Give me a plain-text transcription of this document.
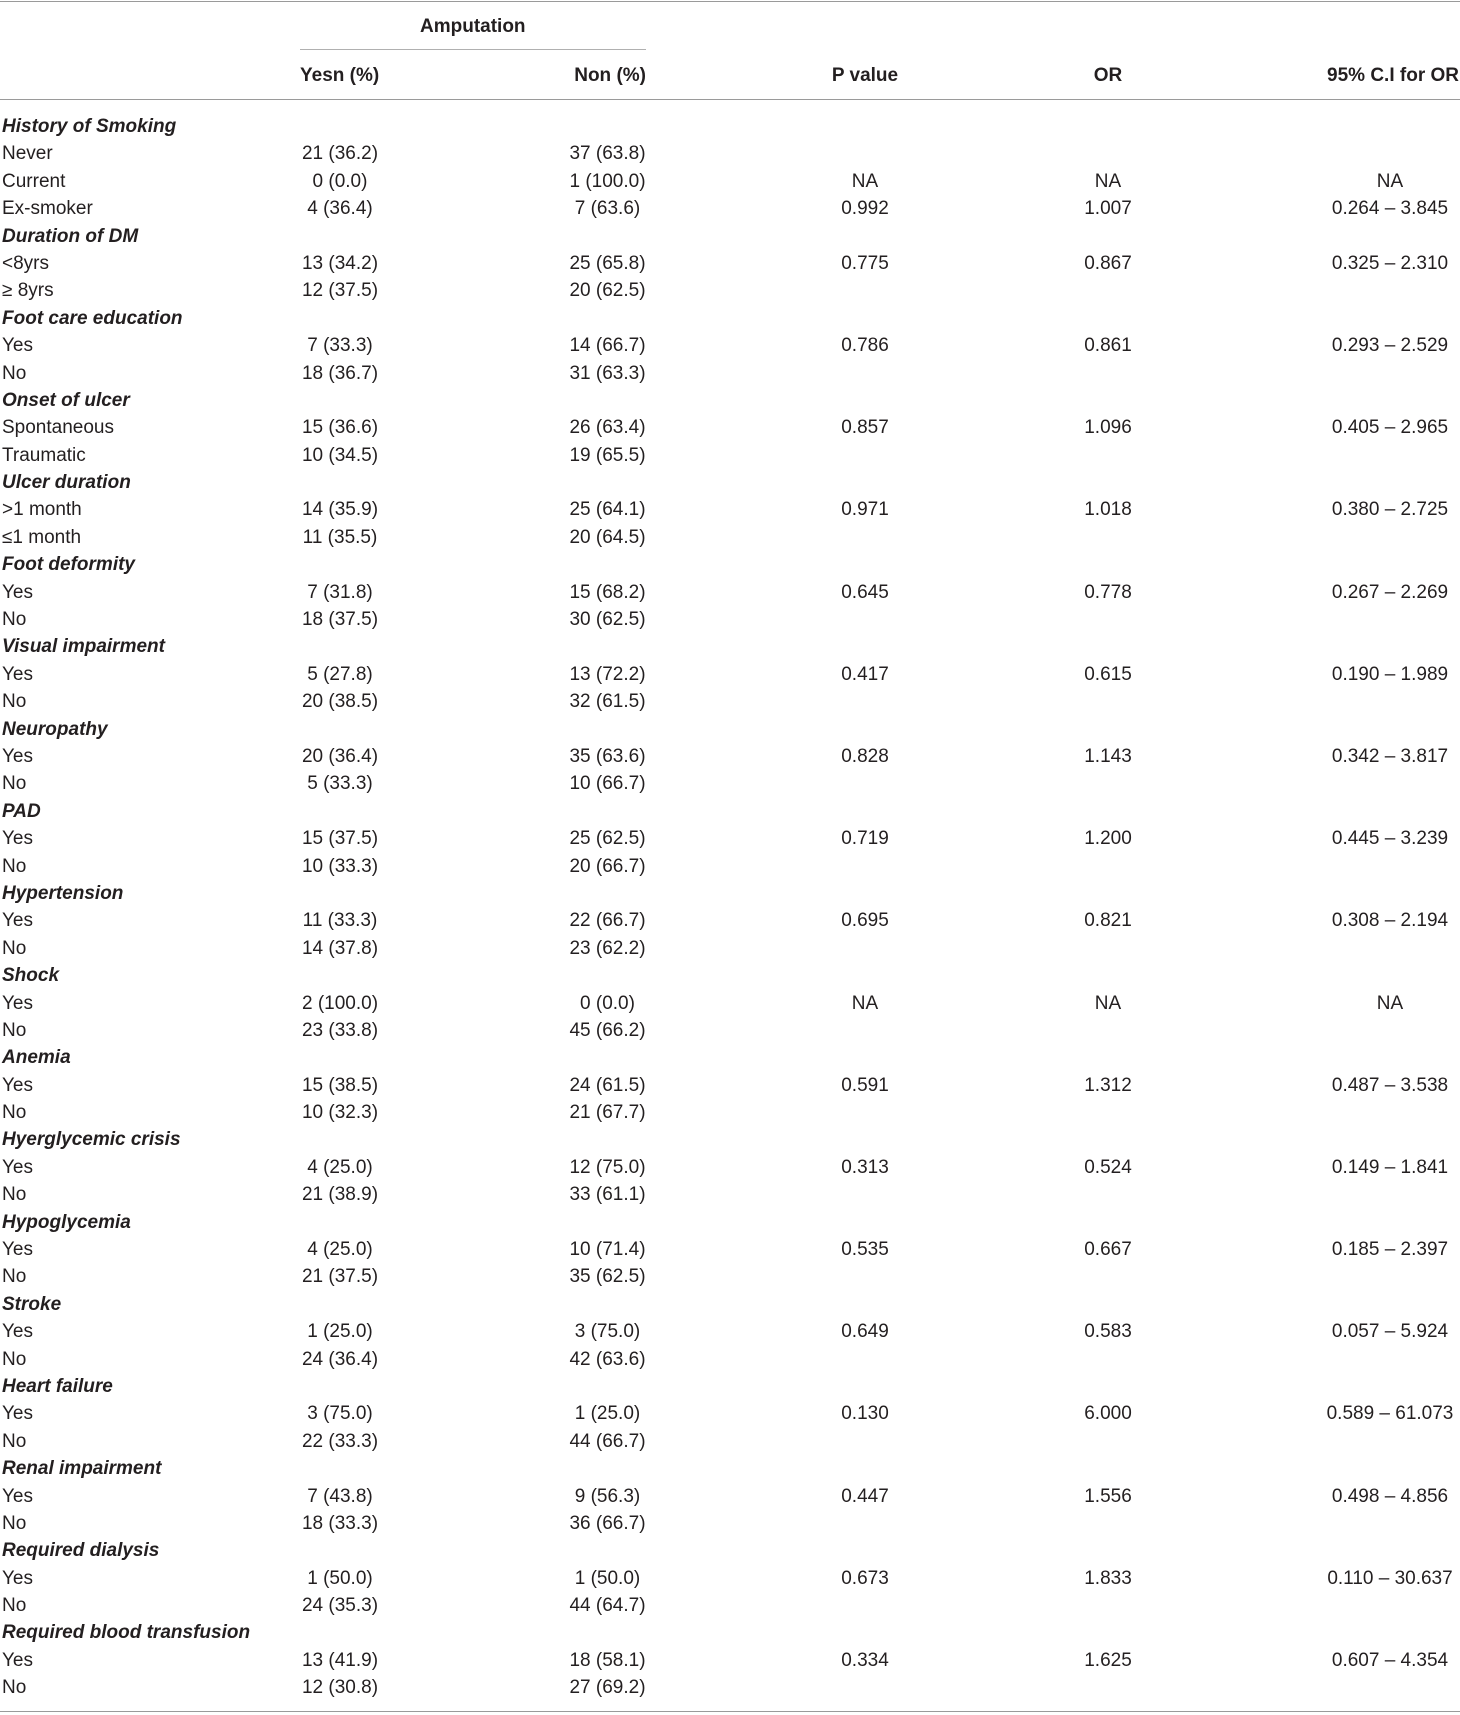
Amputation
Yesn (%)	Non (%)	P value	OR	95% C.I for OR
History of Smoking
Never	21 (36.2)	37 (63.8)
Current	0 (0.0)	1 (100.0)	NA	NA	NA
Ex-smoker	4 (36.4)	7 (63.6)	0.992	1.007	0.264 – 3.845
Duration of DM
<8yrs	13 (34.2)	25 (65.8)	0.775	0.867	0.325 – 2.310
≥ 8yrs	12 (37.5)	20 (62.5)
Foot care education
Yes	7 (33.3)	14 (66.7)	0.786	0.861	0.293 – 2.529
No	18 (36.7)	31 (63.3)
Onset of ulcer
Spontaneous	15 (36.6)	26 (63.4)	0.857	1.096	0.405 – 2.965
Traumatic	10 (34.5)	19 (65.5)
Ulcer duration
>1 month	14 (35.9)	25 (64.1)	0.971	1.018	0.380 – 2.725
≤1 month	11 (35.5)	20 (64.5)
Foot deformity
Yes	7 (31.8)	15 (68.2)	0.645	0.778	0.267 – 2.269
No	18 (37.5)	30 (62.5)
Visual impairment
Yes	5 (27.8)	13 (72.2)	0.417	0.615	0.190 – 1.989
No	20 (38.5)	32 (61.5)
Neuropathy
Yes	20 (36.4)	35 (63.6)	0.828	1.143	0.342 – 3.817
No	5 (33.3)	10 (66.7)
PAD
Yes	15 (37.5)	25 (62.5)	0.719	1.200	0.445 – 3.239
No	10 (33.3)	20 (66.7)
Hypertension
Yes	11 (33.3)	22 (66.7)	0.695	0.821	0.308 – 2.194
No	14 (37.8)	23 (62.2)
Shock
Yes	2 (100.0)	0 (0.0)	NA	NA	NA
No	23 (33.8)	45 (66.2)
Anemia
Yes	15 (38.5)	24 (61.5)	0.591	1.312	0.487 – 3.538
No	10 (32.3)	21 (67.7)
Hyerglycemic crisis
Yes	4 (25.0)	12 (75.0)	0.313	0.524	0.149 – 1.841
No	21 (38.9)	33 (61.1)
Hypoglycemia
Yes	4 (25.0)	10 (71.4)	0.535	0.667	0.185 – 2.397
No	21 (37.5)	35 (62.5)
Stroke
Yes	1 (25.0)	3 (75.0)	0.649	0.583	0.057 – 5.924
No	24 (36.4)	42 (63.6)
Heart failure
Yes	3 (75.0)	1 (25.0)	0.130	6.000	0.589 – 61.073
No	22 (33.3)	44 (66.7)
Renal impairment
Yes	7 (43.8)	9 (56.3)	0.447	1.556	0.498 – 4.856
No	18 (33.3)	36 (66.7)
Required dialysis
Yes	1 (50.0)	1 (50.0)	0.673	1.833	0.110 – 30.637
No	24 (35.3)	44 (64.7)
Required blood transfusion
Yes	13 (41.9)	18 (58.1)	0.334	1.625	0.607 – 4.354
No	12 (30.8)	27 (69.2)
